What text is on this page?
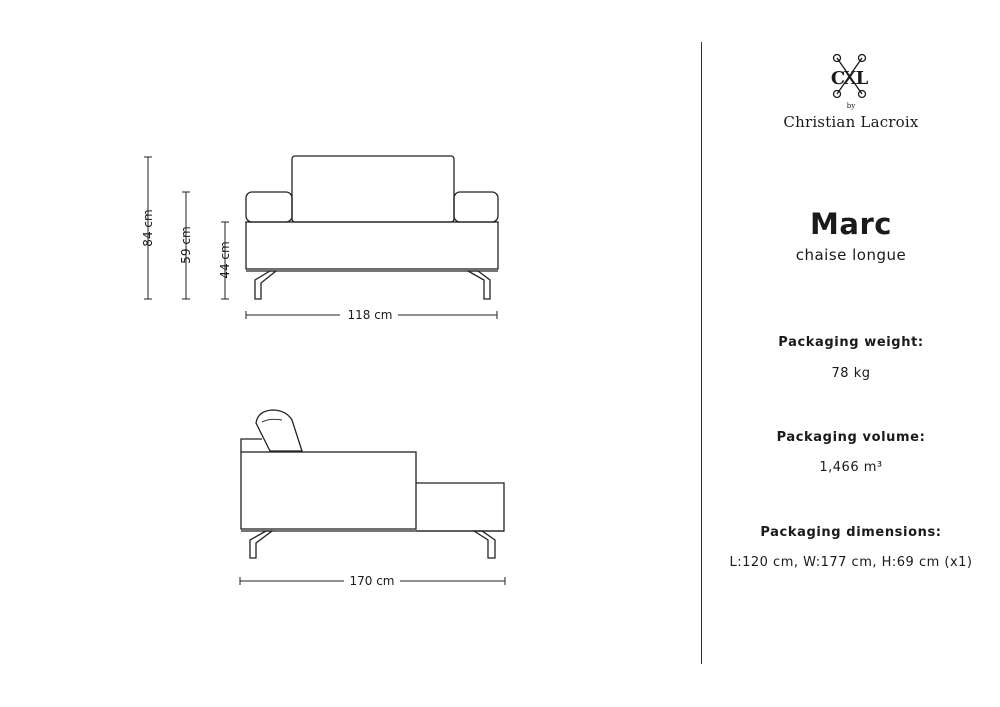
84 cm 59 cm 44 cm
118 cm
170 cm
C
X L
by
Christian Lacroix
Marc
chaise longue
Packaging weight:
78 kg
Packaging volume:
1,466 m³
Packaging dimensions:
L:120 cm, W:177 cm, H:69 cm (x1)
